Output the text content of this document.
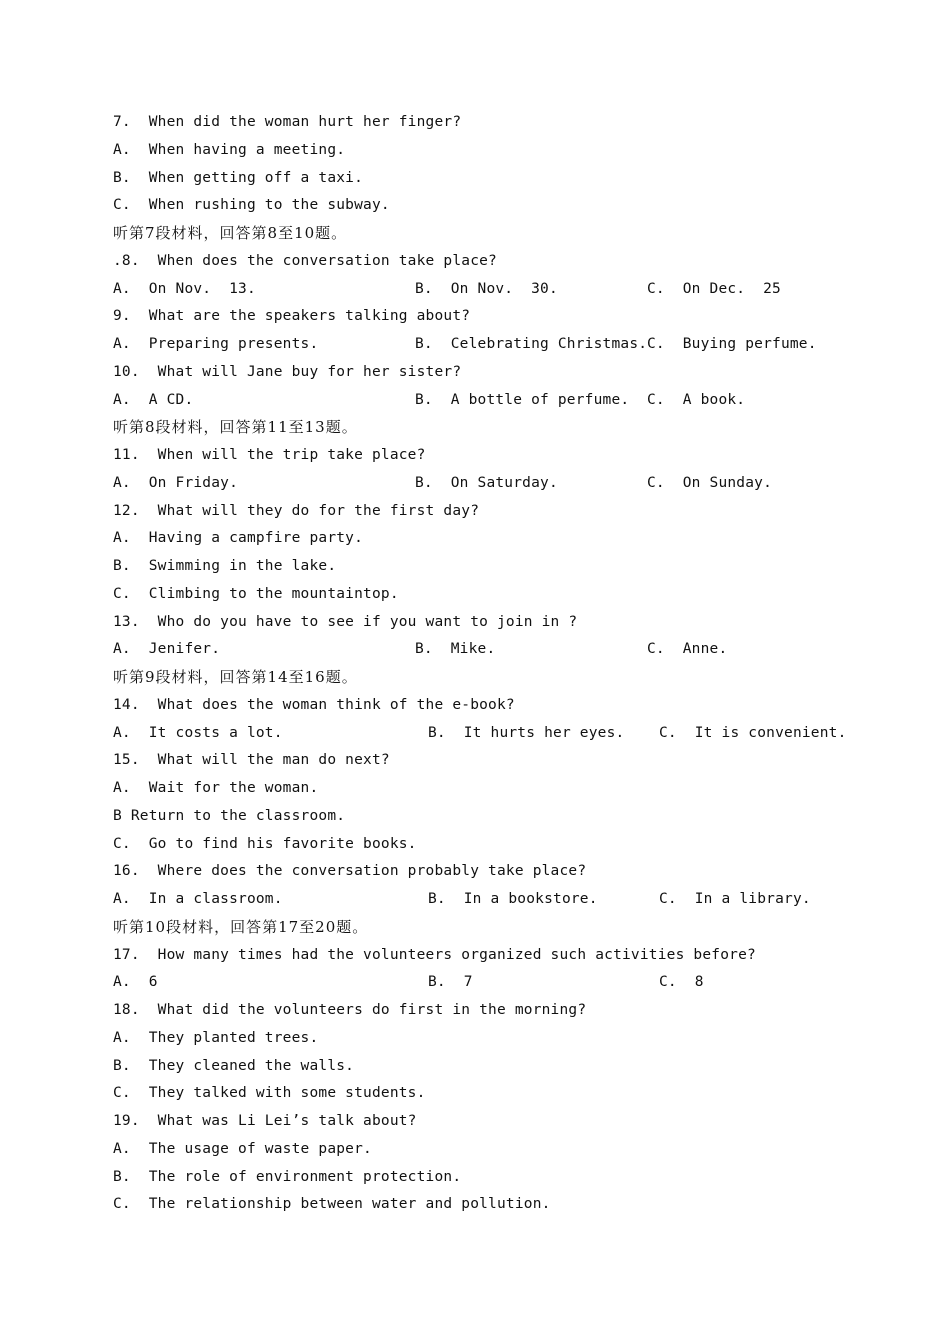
7.  When did the woman hurt her finger?
A.  When having a meeting.
B.  When getting off a taxi.
C.  When rushing to the subway.
听第7段材料，回答第8至10题。
.8.  When does the conversation take place?
A.  On Nov.  13.	B.  On Nov.  30.	C.  On Dec.  25
9.  What are the speakers talking about?
A.  Preparing presents.	B.  Celebrating Christmas. C.  Buying perfume.
10.  What will Jane buy for her sister?
A.  A CD.	B.  A bottle of perfume. C.  A book.
听第8段材料，回答第11至13题。
11.  When will the trip take place?
A.  On Friday.	B.  On Saturday.	C.  On Sunday.
12.  What will they do for the first day?
A.  Having a campfire party.
B.  Swimming in the lake.
C.  Climbing to the mountaintop.
13.  Who do you have to see if you want to join in ?
A.  Jenifer.	B.  Mike.	C.  Anne.
听第9段材料，回答第14至16题。
14.  What does the woman think of the e-book?
A.  It costs a lot.	B.  It hurts her eyes. C.  It is convenient.
15.  What will the man do next?
A.  Wait for the woman.
B Return to the classroom.
C.  Go to find his favorite books.
16.  Where does the conversation probably take place?
A.  In a classroom.	B.  In a bookstore.	C.  In a library.
听第10段材料，回答第17至20题。
17.  How many times had the volunteers organized such activities before?
A.  6	B.  7	C.  8
18.  What did the volunteers do first in the morning?
A.  They planted trees.
B.  They cleaned the walls.
C.  They talked with some students.
19.  What was Li Lei’s talk about?
A.  The usage of waste paper.
B.  The role of environment protection.
C.  The relationship between water and pollution.
